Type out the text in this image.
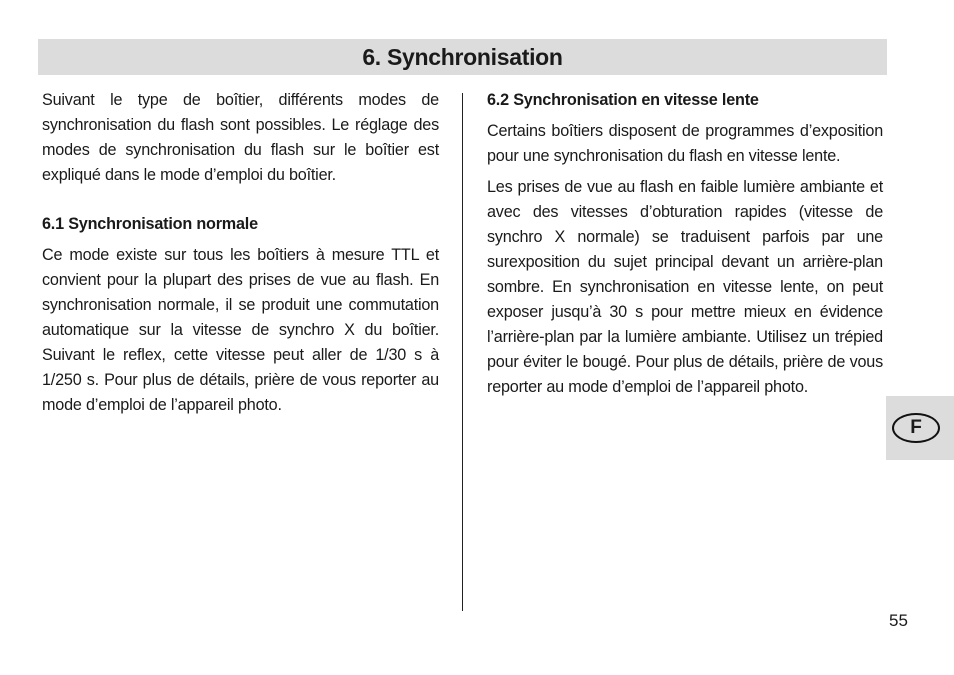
6. Synchronisation

Suivant le type de boîtier, différents modes de synchronisation du flash sont possibles. Le réglage des modes de synchronisation du flash sur le boîtier est expliqué dans le mode d’emploi du boîtier.

6.1 Synchronisation normale

Ce mode existe sur tous les boîtiers à mesure TTL et convient pour la plupart des prises de vue au flash. En synchronisation normale, il se produit une commutation automatique sur la vitesse de synchro X du boîtier. Suivant le reflex, cette vitesse peut aller de 1/30 s à 1/250 s. Pour plus de détails, prière de vous reporter au mode d’emploi de l’appareil photo.

6.2 Synchronisation en vitesse lente

Certains boîtiers disposent de programmes d’exposition pour une synchronisation du flash en vitesse lente.

Les prises de vue au flash en faible lumière ambiante et avec des vitesses d’obturation rapides (vitesse de synchro X normale) se traduisent parfois par une surexposition du sujet principal devant un arrière-plan sombre. En synchronisation en vitesse lente, on peut exposer jusqu’à 30 s pour mettre mieux en évidence l’arrière-plan par la lumière ambiante. Utilisez un trépied pour éviter le bougé. Pour plus de détails, prière de vous reporter au mode d’emploi de l’appareil photo.

F
55
